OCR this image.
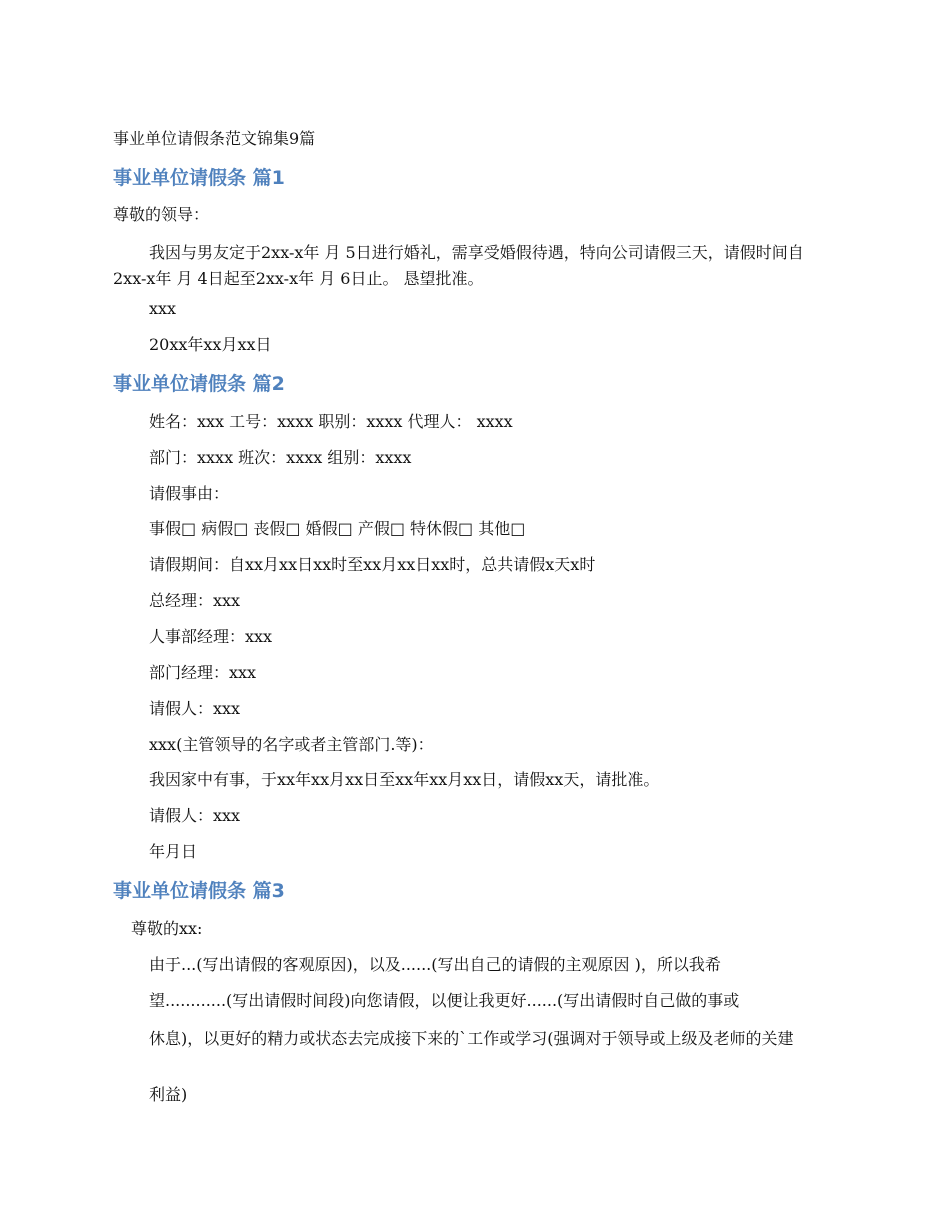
事业单位请假条范文锦集9篇
事业单位请假条 篇1
尊敬的领导：
我因与男友定于2xx-x年 月 5日进行婚礼，需享受婚假待遇，特向公司请假三天，请假时间自2xx-x年 月 4日起至2xx-x年 月 6日止。 恳望批准。
xxx
20xx年xx月xx日
事业单位请假条 篇2
姓名：xxx 工号：xxxx 职别：xxxx 代理人： xxxx
部门：xxxx 班次：xxxx 组别：xxxx
请假事由：
事假□ 病假□ 丧假□ 婚假□ 产假□ 特休假□ 其他□
请假期间：自xx月xx日xx时至xx月xx日xx时，总共请假x天x时
总经理：xxx
人事部经理：xxx
部门经理：xxx
请假人：xxx
xxx(主管领导的名字或者主管部门.等)：
我因家中有事，于xx年xx月xx日至xx年xx月xx日，请假xx天，请批准。
请假人：xxx
年月日
事业单位请假条 篇3
尊敬的xx:
由于...(写出请假的客观原因)，以及......(写出自己的请假的主观原因 )，所以我希
望............(写出请假时间段)向您请假，以便让我更好......(写出请假时自己做的事或
休息)，以更好的精力或状态去完成接下来的`工作或学习(强调对于领导或上级及老师的关建
利益)
